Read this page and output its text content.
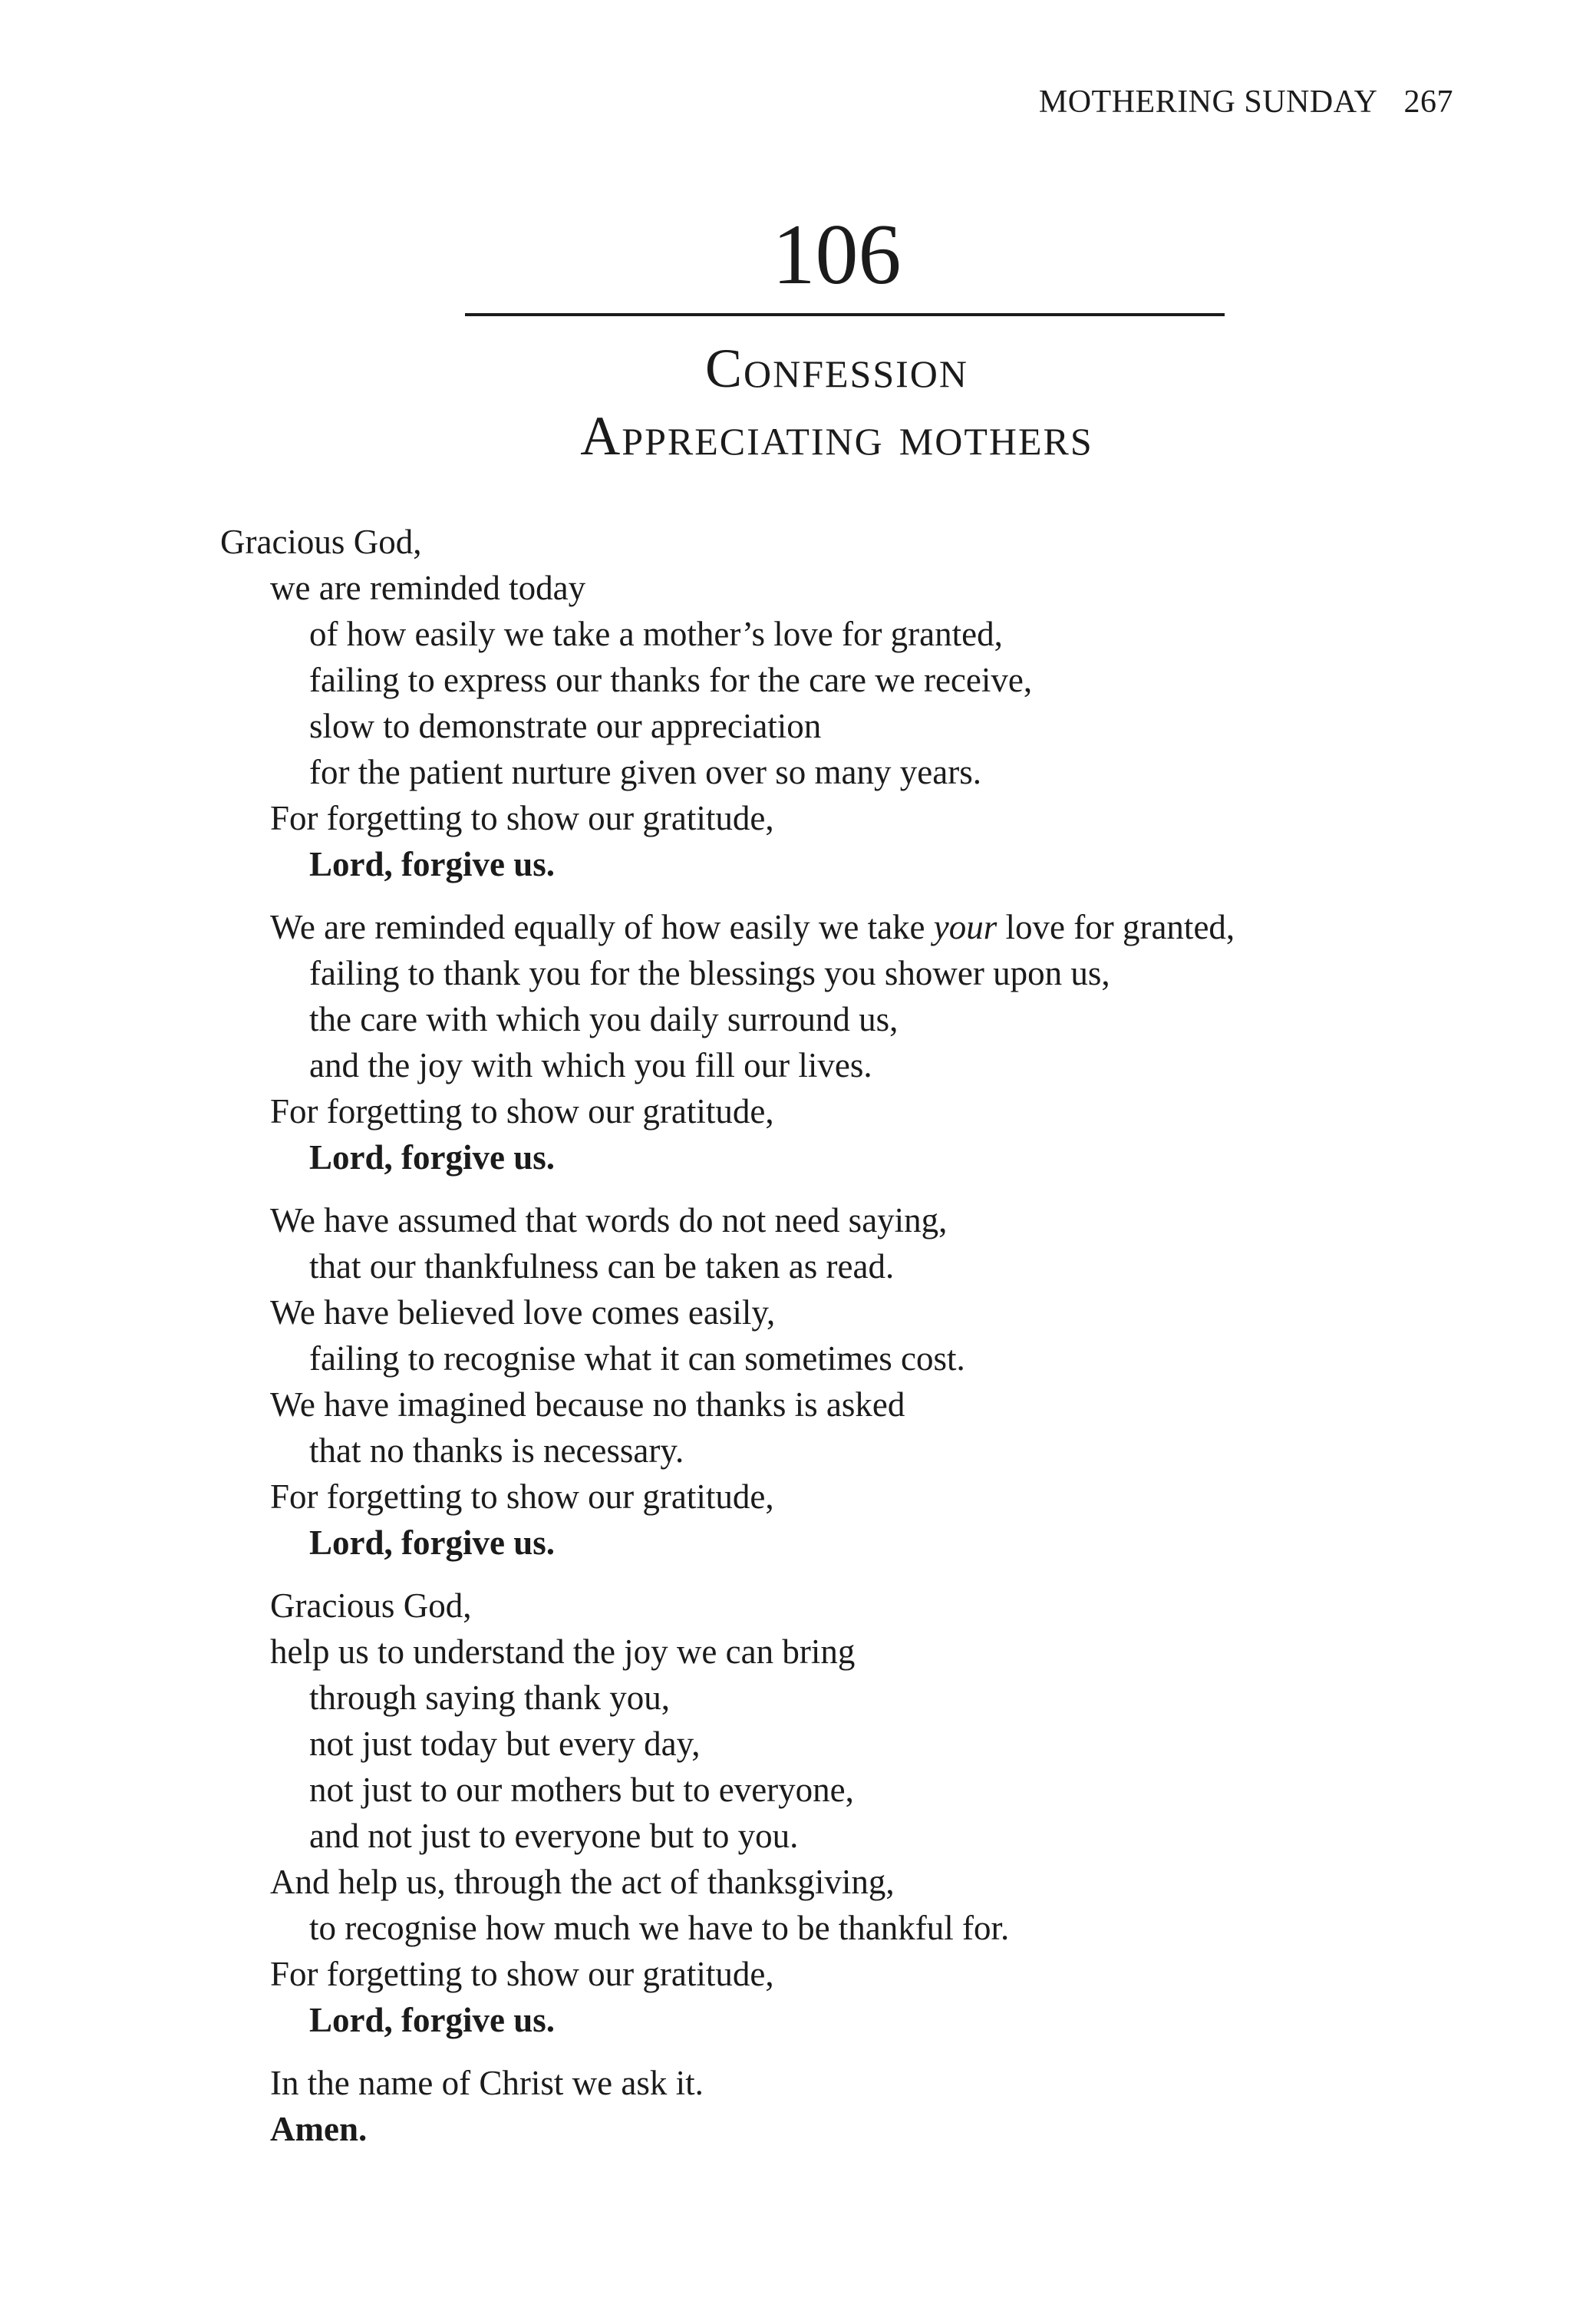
MOTHERING SUNDAY 267
106
Confession
Appreciating mothers
Gracious God,
we are reminded today
of how easily we take a mother’s love for granted,
failing to express our thanks for the care we receive,
slow to demonstrate our appreciation
for the patient nurture given over so many years.
For forgetting to show our gratitude,
Lord, forgive us.
We are reminded equally of how easily we take your love for granted,
failing to thank you for the blessings you shower upon us,
the care with which you daily surround us,
and the joy with which you fill our lives.
For forgetting to show our gratitude,
Lord, forgive us.
We have assumed that words do not need saying,
that our thankfulness can be taken as read.
We have believed love comes easily,
failing to recognise what it can sometimes cost.
We have imagined because no thanks is asked
that no thanks is necessary.
For forgetting to show our gratitude,
Lord, forgive us.
Gracious God,
help us to understand the joy we can bring
through saying thank you,
not just today but every day,
not just to our mothers but to everyone,
and not just to everyone but to you.
And help us, through the act of thanksgiving,
to recognise how much we have to be thankful for.
For forgetting to show our gratitude,
Lord, forgive us.
In the name of Christ we ask it.
Amen.
